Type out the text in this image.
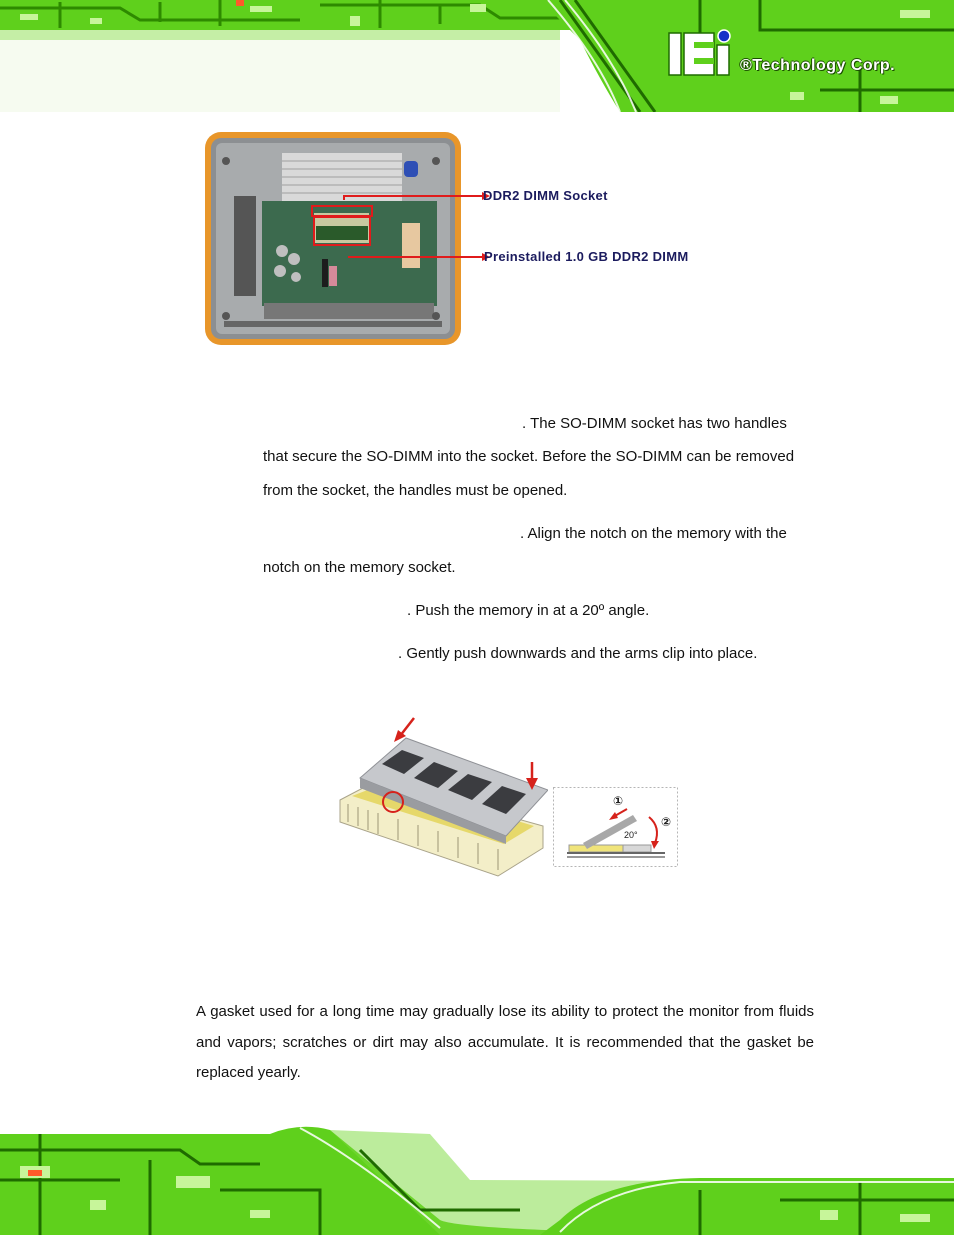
®Technology Corp.
DDR2 DIMM Socket
Preinstalled 1.0 GB DDR2 DIMM
. The SO-DIMM socket has two handles
that secure the SO-DIMM into the socket. Before the SO-DIMM can be removed
from the socket, the handles must be opened.
. Align the notch on the memory with the
notch on the memory socket.
. Push the memory in at a 20º angle.
. Gently push downwards and the arms clip into place.
①
②
20°
A gasket used for a long time may gradually lose its ability to protect the monitor from fluids and vapors; scratches or dirt may also accumulate. It is recommended that the gasket be replaced yearly.
